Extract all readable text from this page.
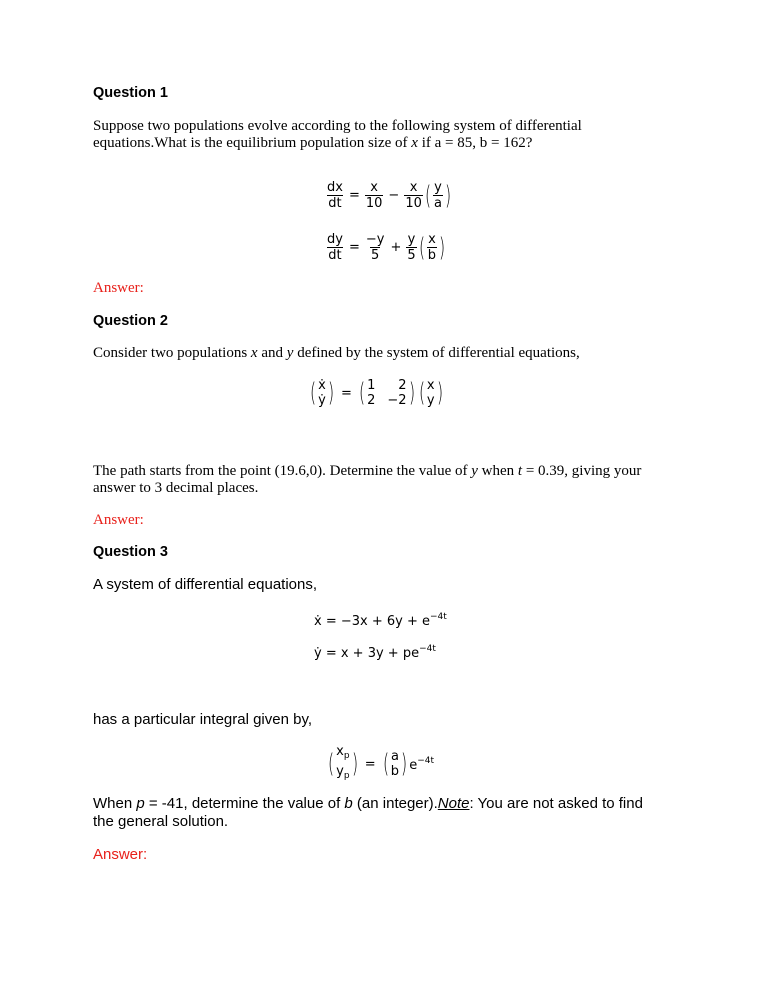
Question 1
Suppose two populations evolve according to the following system of differential
equations.What is the equilibrium population size of x if a = 85, b = 162?
$\frac{dx}{dt} = \frac{x}{10} - \frac{x}{10}$ ( $\frac{y}{a}$ )
$\frac{dy}{dt} = \frac{-y}{5} + \frac{y}{5}$ ( $\frac{x}{b}$ )
Answer:
Question 2
Consider two populations x and y defined by the system of differential equations,
( ẋ
ẏ ) = ( 1	2
2 −2 ) ( x
y )
The path starts from the point (19.6,0). Determine the value of y when t = 0.39, giving your
answer to 3 decimal places.
Answer:
Question 3
A system of differential equations,
ẋ = $-3x + 6y + e^{-4t}$
ẏ = $x + 3y + pe^{-4t}$
has a particular integral given by,
( $x_p$
$y_p$ ) = ( a
b ) $e^{-4t}$
When p = -41, determine the value of b (an integer).Note: You are not asked to find
the general solution.
Answer:
